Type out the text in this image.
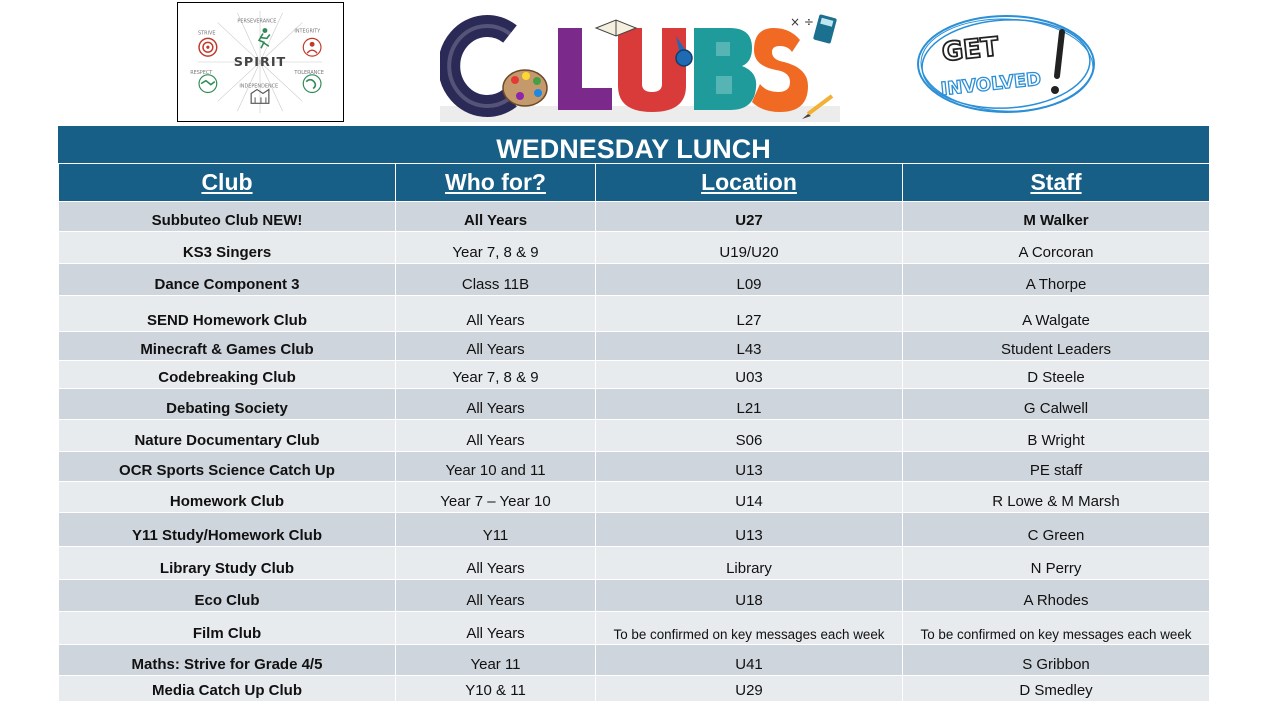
STRIVE
PERSEVERANCE
INTEGRITY
RESPECT	TOLERANCE
INDEPENDENCE
SPIRIT
× ÷
GET
INVOLVED
WEDNESDAY LUNCH
Club	Who for?	Location	Staff
Subbuteo Club NEW!	All Years	U27	M Walker
KS3 Singers	Year 7, 8 & 9	U19/U20	A Corcoran
Dance Component 3	Class 11B	L09	A Thorpe
SEND Homework Club	All Years	L27	A Walgate
Minecraft & Games Club	All Years	L43	Student Leaders
Codebreaking Club	Year 7, 8 & 9	U03	D Steele
Debating Society	All Years	L21	G Calwell
Nature Documentary Club	All Years	S06	B Wright
OCR Sports Science Catch Up	Year 10 and 11	U13	PE staff
Homework Club	Year 7 – Year 10	U14	R Lowe & M Marsh
Y11 Study/Homework Club	Y11	U13	C Green
Library Study Club	All Years	Library	N Perry
Eco Club	All Years	U18	A Rhodes
Film Club	All Years	To be confirmed on key messages each week	To be confirmed on key messages each week
Maths: Strive for Grade 4/5	Year 11	U41	S Gribbon
Media Catch Up Club	Y10 & 11	U29	D Smedley
